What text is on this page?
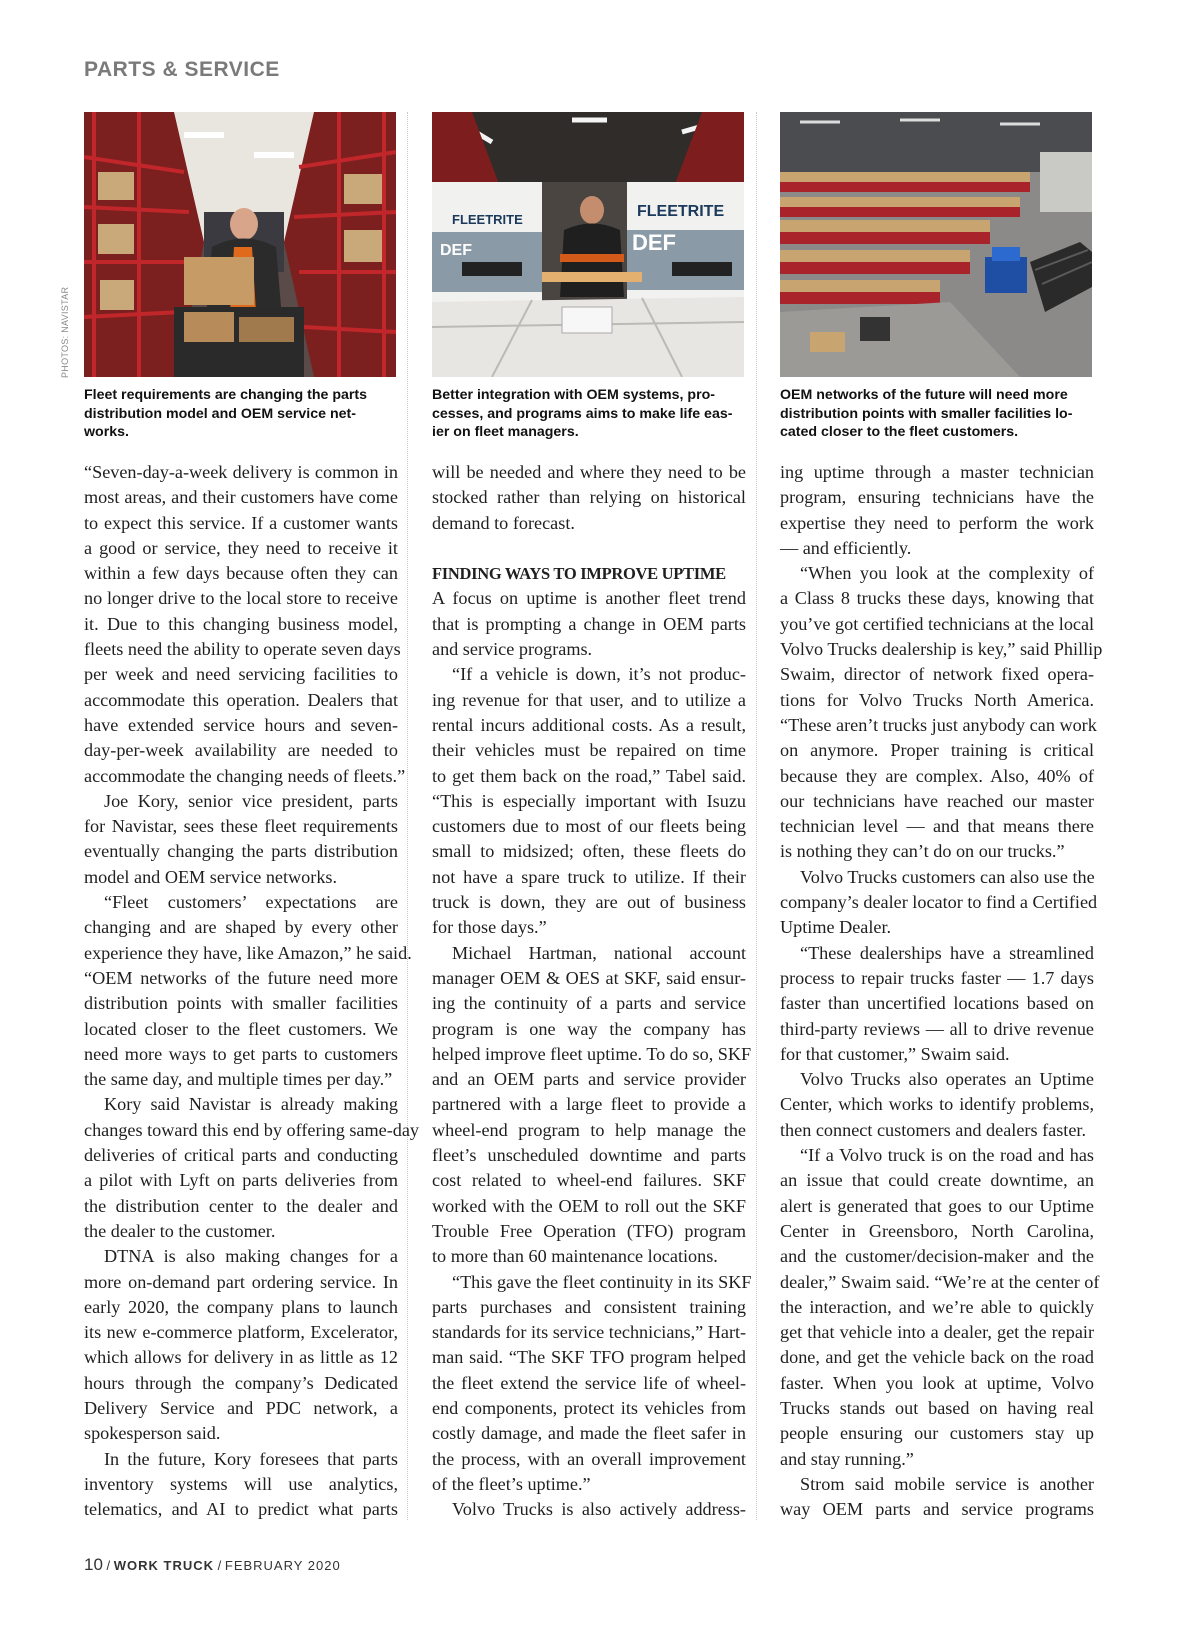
PARTS & SERVICE
PHOTOS: NAVISTAR
FLEETRITE	FLEETRITE
DEF	DEF
Fleet requirements are changing the parts
distribution model and OEM service net-
works.
Better integration with OEM systems, pro-
cesses, and programs aims to make life eas-
ier on fleet managers.
OEM networks of the future will need more
distribution points with smaller facilities lo-
cated closer to the fleet customers.
“Seven-day-a-week delivery is common in
most areas, and their customers have come
to expect this service. If a customer wants
a good or service, they need to receive it
within a few days because often they can
no longer drive to the local store to receive
it. Due to this changing business model,
fleets need the ability to operate seven days
per week and need servicing facilities to
accommodate this operation. Dealers that
have extended service hours and seven-
day-per-week availability are needed to
accommodate the changing needs of fleets.”
Joe Kory, senior vice president, parts
for Navistar, sees these fleet requirements
eventually changing the parts distribution
model and OEM service networks.
“Fleet customers’ expectations are
changing and are shaped by every other
experience they have, like Amazon,” he said.
“OEM networks of the future need more
distribution points with smaller facilities
located closer to the fleet customers. We
need more ways to get parts to customers
the same day, and multiple times per day.”
Kory said Navistar is already making
changes toward this end by offering same-day
deliveries of critical parts and conducting
a pilot with Lyft on parts deliveries from
the distribution center to the dealer and
the dealer to the customer.
DTNA is also making changes for a
more on-demand part ordering service. In
early 2020, the company plans to launch
its new e-commerce platform, Excelerator,
which allows for delivery in as little as 12
hours through the company’s Dedicated
Delivery Service and PDC network, a
spokesperson said.
In the future, Kory foresees that parts
inventory systems will use analytics,
telematics, and AI to predict what parts
will be needed and where they need to be
stocked rather than relying on historical
demand to forecast.
FINDING WAYS TO IMPROVE UPTIME
A focus on uptime is another fleet trend
that is prompting a change in OEM parts
and service programs.
“If a vehicle is down, it’s not produc-
ing revenue for that user, and to utilize a
rental incurs additional costs. As a result,
their vehicles must be repaired on time
to get them back on the road,” Tabel said.
“This is especially important with Isuzu
customers due to most of our fleets being
small to midsized; often, these fleets do
not have a spare truck to utilize. If their
truck is down, they are out of business
for those days.”
Michael Hartman, national account
manager OEM & OES at SKF, said ensur-
ing the continuity of a parts and service
program is one way the company has
helped improve fleet uptime. To do so, SKF
and an OEM parts and service provider
partnered with a large fleet to provide a
wheel-end program to help manage the
fleet’s unscheduled downtime and parts
cost related to wheel-end failures. SKF
worked with the OEM to roll out the SKF
Trouble Free Operation (TFO) program
to more than 60 maintenance locations.
“This gave the fleet continuity in its SKF
parts purchases and consistent training
standards for its service technicians,” Hart-
man said. “The SKF TFO program helped
the fleet extend the service life of wheel-
end components, protect its vehicles from
costly damage, and made the fleet safer in
the process, with an overall improvement
of the fleet’s uptime.”
Volvo Trucks is also actively address-
ing uptime through a master technician
program, ensuring technicians have the
expertise they need to perform the work
— and efficiently.
“When you look at the complexity of
a Class 8 trucks these days, knowing that
you’ve got certified technicians at the local
Volvo Trucks dealership is key,” said Phillip
Swaim, director of network fixed opera-
tions for Volvo Trucks North America.
“These aren’t trucks just anybody can work
on anymore. Proper training is critical
because they are complex. Also, 40% of
our technicians have reached our master
technician level — and that means there
is nothing they can’t do on our trucks.”
Volvo Trucks customers can also use the
company’s dealer locator to find a Certified
Uptime Dealer.
“These dealerships have a streamlined
process to repair trucks faster — 1.7 days
faster than uncertified locations based on
third-party reviews — all to drive revenue
for that customer,” Swaim said.
Volvo Trucks also operates an Uptime
Center, which works to identify problems,
then connect customers and dealers faster.
“If a Volvo truck is on the road and has
an issue that could create downtime, an
alert is generated that goes to our Uptime
Center in Greensboro, North Carolina,
and the customer/decision-maker and the
dealer,” Swaim said. “We’re at the center of
the interaction, and we’re able to quickly
get that vehicle into a dealer, get the repair
done, and get the vehicle back on the road
faster. When you look at uptime, Volvo
Trucks stands out based on having real
people ensuring our customers stay up
and stay running.”
Strom said mobile service is another
way OEM parts and service programs
10 / WORK TRUCK / FEBRUARY 2020
